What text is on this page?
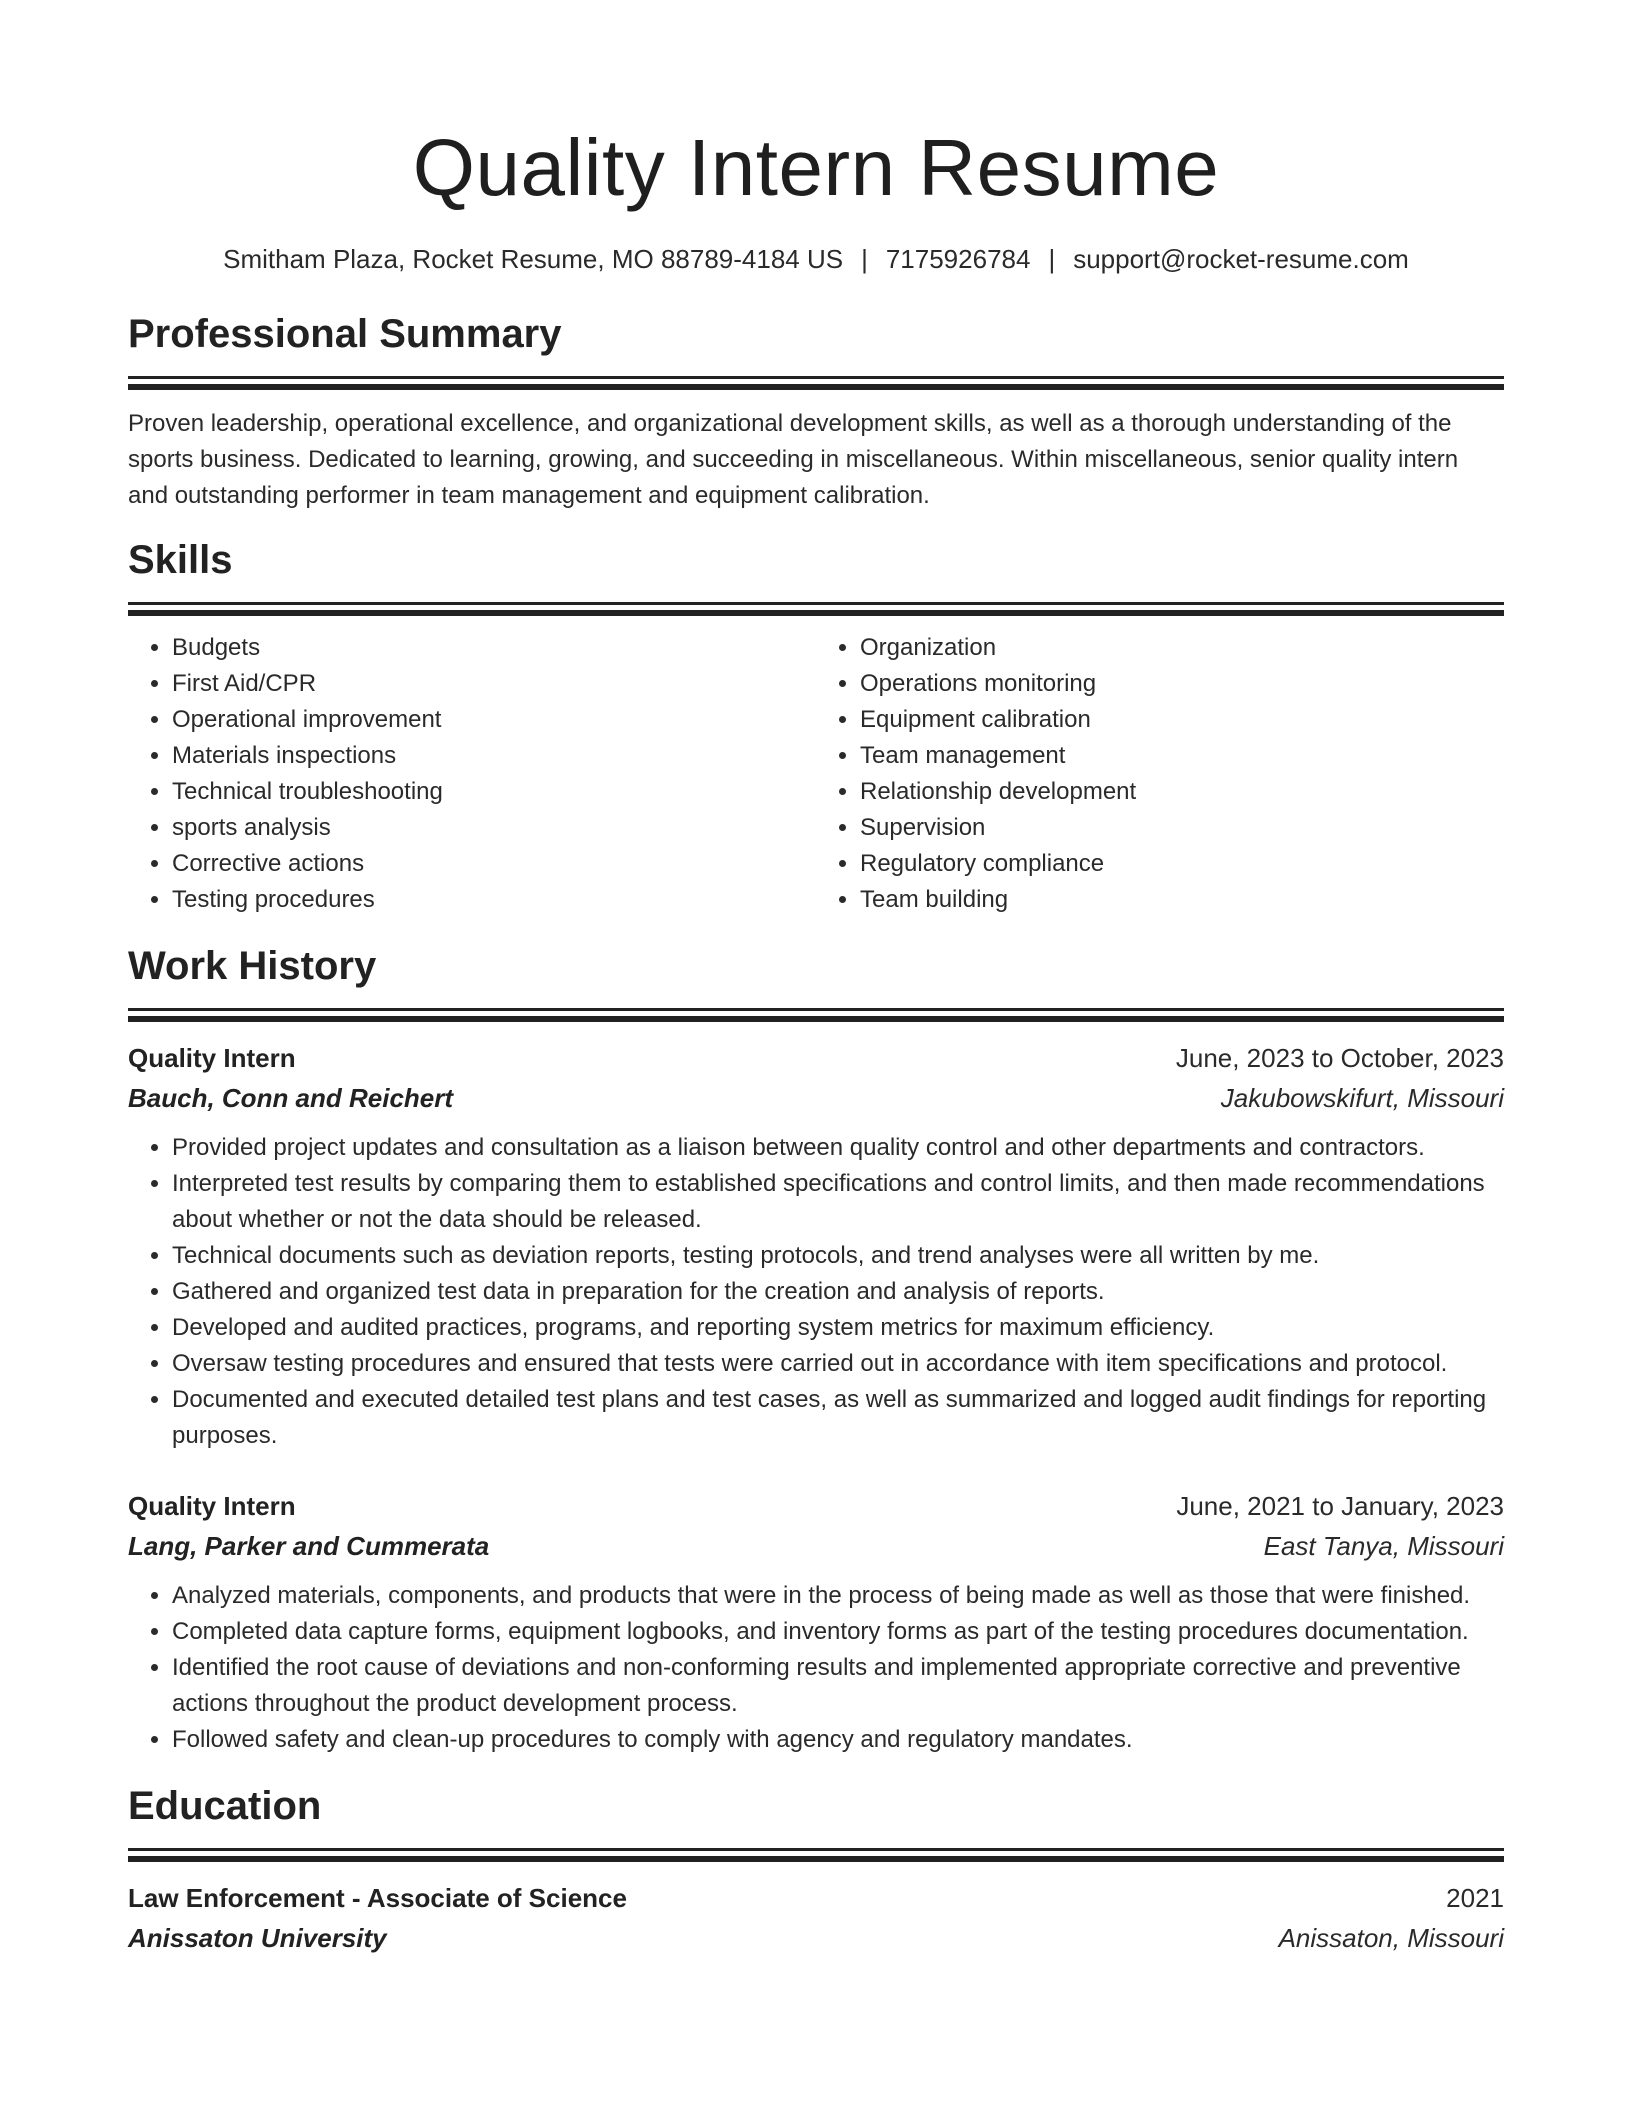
Quality Intern Resume
Smitham Plaza, Rocket Resume, MO 88789-4184 US | 7175926784 | support@rocket-resume.com
Professional Summary

Proven leadership, operational excellence, and organizational development skills, as well as a thorough understanding of the sports business. Dedicated to learning, growing, and succeeding in miscellaneous. Within miscellaneous, senior quality intern and outstanding performer in team management and equipment calibration.

Skills
• Budgets
• First Aid/CPR
• Operational improvement
• Materials inspections
• Technical troubleshooting
• sports analysis
• Corrective actions
• Testing procedures
• Organization
• Operations monitoring
• Equipment calibration
• Team management
• Relationship development
• Supervision
• Regulatory compliance
• Team building
Work History
Quality Intern	June, 2023 to October, 2023
Bauch, Conn and Reichert	Jakubowskifurt, Missouri
• Provided project updates and consultation as a liaison between quality control and other departments and contractors.
• Interpreted test results by comparing them to established specifications and control limits, and then made recommendations about whether or not the data should be released.
• Technical documents such as deviation reports, testing protocols, and trend analyses were all written by me.
• Gathered and organized test data in preparation for the creation and analysis of reports.
• Developed and audited practices, programs, and reporting system metrics for maximum efficiency.
• Oversaw testing procedures and ensured that tests were carried out in accordance with item specifications and protocol.
• Documented and executed detailed test plans and test cases, as well as summarized and logged audit findings for reporting purposes.
Quality Intern	June, 2021 to January, 2023
Lang, Parker and Cummerata	East Tanya, Missouri
• Analyzed materials, components, and products that were in the process of being made as well as those that were finished.
• Completed data capture forms, equipment logbooks, and inventory forms as part of the testing procedures documentation.
• Identified the root cause of deviations and non-conforming results and implemented appropriate corrective and preventive actions throughout the product development process.
• Followed safety and clean-up procedures to comply with agency and regulatory mandates.
Education
Law Enforcement - Associate of Science	2021
Anissaton University	Anissaton, Missouri
